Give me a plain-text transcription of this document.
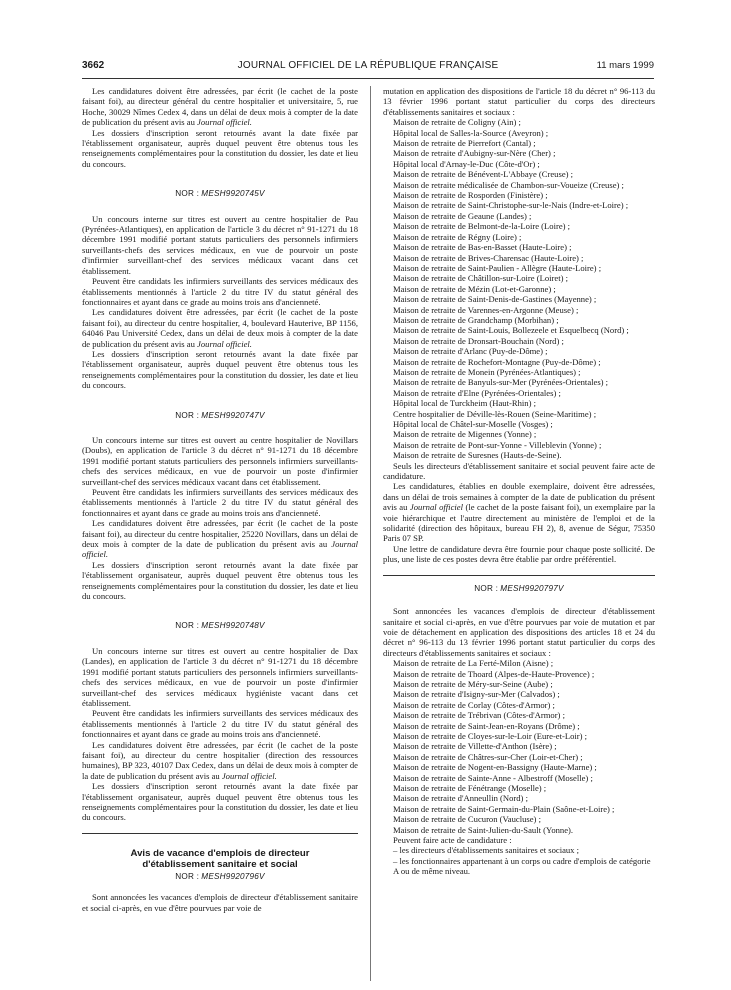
3662	JOURNAL OFFICIEL DE LA RÉPUBLIQUE FRANÇAISE	11 mars 1999

Les candidatures doivent être adressées, par écrit (le cachet de la poste faisant foi), au directeur général du centre hospitalier et universitaire, 5, rue Hoche, 30029 Nîmes Cedex 4, dans un délai de deux mois à compter de la date de publication du présent avis au Journal officiel.

Les dossiers d'inscription seront retournés avant la date fixée par l'établissement organisateur, auprès duquel peuvent être obtenus tous les renseignements complémentaires pour la constitution du dossier, les date et lieu du concours.

NOR : MESH9920745V

Un concours interne sur titres est ouvert au centre hospitalier de Pau (Pyrénées-Atlantiques), en application de l'article 3 du décret n° 91-1271 du 18 décembre 1991 modifié portant statuts particuliers des personnels infirmiers surveillants-chefs des services médicaux, en vue de pourvoir un poste d'infirmier surveillant-chef des services médicaux vacant dans cet établissement.

Peuvent être candidats les infirmiers surveillants des services médicaux des établissements mentionnés à l'article 2 du titre IV du statut général des fonctionnaires et ayant dans ce grade au moins trois ans d'ancienneté.

Les candidatures doivent être adressées, par écrit (le cachet de la poste faisant foi), au directeur du centre hospitalier, 4, boulevard Hauterive, BP 1156, 64046 Pau Université Cedex, dans un délai de deux mois à compter de la date de publication du présent avis au Journal officiel.

Les dossiers d'inscription seront retournés avant la date fixée par l'établissement organisateur, auprès duquel peuvent être obtenus tous les renseignements complémentaires pour la constitution du dossier, les date et lieu du concours.

NOR : MESH9920747V

Un concours interne sur titres est ouvert au centre hospitalier de Novillars (Doubs), en application de l'article 3 du décret n° 91-1271 du 18 décembre 1991 modifié portant statuts particuliers des personnels infirmiers surveillants-chefs des services médicaux, en vue de pourvoir un poste d'infirmier surveillant-chef des services médicaux vacant dans cet établissement.

Peuvent être candidats les infirmiers surveillants des services médicaux des établissements mentionnés à l'article 2 du titre IV du statut général des fonctionnaires et ayant dans ce grade au moins trois ans d'ancienneté.

Les candidatures doivent être adressées, par écrit (le cachet de la poste faisant foi), au directeur du centre hospitalier, 25220 Novillars, dans un délai de deux mois à compter de la date de publication du présent avis au Journal officiel.

Les dossiers d'inscription seront retournés avant la date fixée par l'établissement organisateur, auprès duquel peuvent être obtenus tous les renseignements complémentaires pour la constitution du dossier, les date et lieu du concours.

NOR : MESH9920748V

Un concours interne sur titres est ouvert au centre hospitalier de Dax (Landes), en application de l'article 3 du décret n° 91-1271 du 18 décembre 1991 modifié portant statuts particuliers des personnels infirmiers surveillants-chefs des services médicaux, en vue de pourvoir un poste d'infirmier surveillant-chef des services médicaux hygiéniste vacant dans cet établissement.

Peuvent être candidats les infirmiers surveillants des services médicaux des établissements mentionnés à l'article 2 du titre IV du statut général des fonctionnaires et ayant dans ce grade au moins trois ans d'ancienneté.

Les candidatures doivent être adressées, par écrit (le cachet de la poste faisant foi), au directeur du centre hospitalier (direction des ressources humaines), BP 323, 40107 Dax Cedex, dans un délai de deux mois à compter de la date de publication du présent avis au Journal officiel.

Les dossiers d'inscription seront retournés avant la date fixée par l'établissement organisateur, auprès duquel peuvent être obtenus tous les renseignements complémentaires pour la constitution du dossier, les date et lieu du concours.

Avis de vacance d'emplois de directeur
d'établissement sanitaire et social

NOR : MESH9920796V

Sont annoncées les vacances d'emplois de directeur d'établissement sanitaire et social ci-après, en vue d'être pourvues par voie de

mutation en application des dispositions de l'article 18 du décret n° 96-113 du 13 février 1996 portant statut particulier du corps des directeurs d'établissements sanitaires et sociaux :

Maison de retraite de Coligny (Ain) ;

Hôpital local de Salles-la-Source (Aveyron) ;

Maison de retraite de Pierrefort (Cantal) ;

Maison de retraite d'Aubigny-sur-Nère (Cher) ;

Hôpital local d'Arnay-le-Duc (Côte-d'Or) ;

Maison de retraite de Bénévent-L'Abbaye (Creuse) ;

Maison de retraite médicalisée de Chambon-sur-Voueize (Creuse) ;

Maison de retraite de Rosporden (Finistère) ;

Maison de retraite de Saint-Christophe-sur-le-Nais (Indre-et-Loire) ;

Maison de retraite de Geaune (Landes) ;

Maison de retraite de Belmont-de-la-Loire (Loire) ;

Maison de retraite de Régny (Loire) ;

Maison de retraite de Bas-en-Basset (Haute-Loire) ;

Maison de retraite de Brives-Charensac (Haute-Loire) ;

Maison de retraite de Saint-Paulien - Allègre (Haute-Loire) ;

Maison de retraite de Châtillon-sur-Loire (Loiret) ;

Maison de retraite de Mézin (Lot-et-Garonne) ;

Maison de retraite de Saint-Denis-de-Gastines (Mayenne) ;

Maison de retraite de Varennes-en-Argonne (Meuse) ;

Maison de retraite de Grandchamp (Morbihan) ;

Maison de retraite de Saint-Louis, Bollezeele et Esquelbecq (Nord) ;

Maison de retraite de Dronsart-Bouchain (Nord) ;

Maison de retraite d'Arlanc (Puy-de-Dôme) ;

Maison de retraite de Rochefort-Montagne (Puy-de-Dôme) ;

Maison de retraite de Monein (Pyrénées-Atlantiques) ;

Maison de retraite de Banyuls-sur-Mer (Pyrénées-Orientales) ;

Maison de retraite d'Elne (Pyrénées-Orientales) ;

Hôpital local de Turckheim (Haut-Rhin) ;

Centre hospitalier de Déville-lès-Rouen (Seine-Maritime) ;

Hôpital local de Châtel-sur-Moselle (Vosges) ;

Maison de retraite de Migennes (Yonne) ;

Maison de retraite de Pont-sur-Yonne - Villeblevin (Yonne) ;

Maison de retraite de Suresnes (Hauts-de-Seine).

Seuls les directeurs d'établissement sanitaire et social peuvent faire acte de candidature.

Les candidatures, établies en double exemplaire, doivent être adressées, dans un délai de trois semaines à compter de la date de publication du présent avis au Journal officiel (le cachet de la poste faisant foi), un exemplaire par la voie hiérarchique et l'autre directement au ministère de l'emploi et de la solidarité (direction des hôpitaux, bureau FH 2), 8, avenue de Ségur, 75350 Paris 07 SP.

Une lettre de candidature devra être fournie pour chaque poste sollicité. De plus, une liste de ces postes devra être établie par ordre préférentiel.

NOR : MESH9920797V

Sont annoncées les vacances d'emplois de directeur d'établissement sanitaire et social ci-après, en vue d'être pourvues par voie de mutation et par voie de détachement en application des dispositions des articles 18 et 24 du décret n° 96-113 du 13 février 1996 portant statut particulier du corps des directeurs d'établissements sanitaires et sociaux :

Maison de retraite de La Ferté-Milon (Aisne) ;

Maison de retraite de Thoard (Alpes-de-Haute-Provence) ;

Maison de retraite de Méry-sur-Seine (Aube) ;

Maison de retraite d'Isigny-sur-Mer (Calvados) ;

Maison de retraite de Corlay (Côtes-d'Armor) ;

Maison de retraite de Trébrivan (Côtes-d'Armor) ;

Maison de retraite de Saint-Jean-en-Royans (Drôme) ;

Maison de retraite de Cloyes-sur-le-Loir (Eure-et-Loir) ;

Maison de retraite de Villette-d'Anthon (Isère) ;

Maison de retraite de Châtres-sur-Cher (Loir-et-Cher) ;

Maison de retraite de Nogent-en-Bassigny (Haute-Marne) ;

Maison de retraite de Sainte-Anne - Albestroff (Moselle) ;

Maison de retraite de Fénétrange (Moselle) ;

Maison de retraite d'Anneullin (Nord) ;

Maison de retraite de Saint-Germain-du-Plain (Saône-et-Loire) ;

Maison de retraite de Cucuron (Vaucluse) ;

Maison de retraite de Saint-Julien-du-Sault (Yonne).

Peuvent faire acte de candidature :

– les directeurs d'établissements sanitaires et sociaux ;

– les fonctionnaires appartenant à un corps ou cadre d'emplois de catégorie A ou de même niveau.
